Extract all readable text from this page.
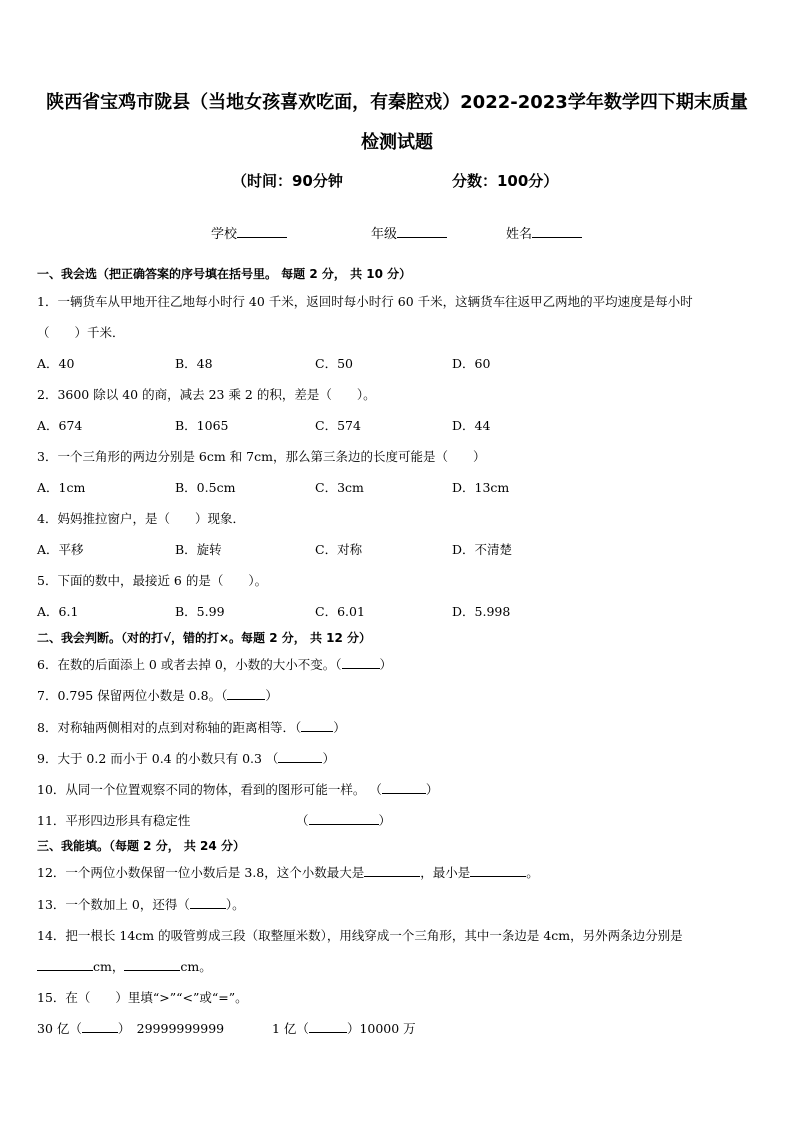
陕西省宝鸡市陇县（当地女孩喜欢吃面，有秦腔戏）2022-2023学年数学四下期末质量
检测试题
（时间：90分钟	分数：100分）
学校	年级	姓名
一、我会选（把正确答案的序号填在括号里。 每题 2 分， 共 10 分）
1．一辆货车从甲地开往乙地每小时行 40 千米，返回时每小时行 60 千米，这辆货车往返甲乙两地的平均速度是每小时
（　　）千米．
A．40	B．48	C．50	D．60
2．3600 除以 40 的商，减去 23 乘 2 的积，差是（　　）。
A．674	B．1065	C．574	D．44
3．一个三角形的两边分别是 6cm 和 7cm，那么第三条边的长度可能是（　　）
A．1cm	B．0.5cm	C．3cm	D．13cm
4．妈妈推拉窗户，是（　　）现象．
A．平移	B．旋转	C．对称	D．不清楚
5．下面的数中，最接近 6 的是（　　）。
A．6.1	B．5.99	C．6.01	D．5.998
二、我会判断。（对的打√，错的打×。每题 2 分， 共 12 分）
6．在数的后面添上 0 或者去掉 0，小数的大小不变。（	）
7．0.795 保留两位小数是 0.8。（	）
8．对称轴两侧相对的点到对称轴的距离相等．（	）
9．大于 0.2 而小于 0.4 的小数只有 0.3 （	）
10．从同一个位置观察不同的物体，看到的图形可能一样。 （	）
11．平形四边形具有稳定性	（	）
三、我能填。（每题 2 分， 共 24 分）
12．一个两位小数保留一位小数后是 3.8，这个小数最大是	，最小是	。
13．一个数加上 0，还得（	）。
14．把一根长 14cm 的吸管剪成三段（取整厘米数），用线穿成一个三角形，其中一条边是 4cm，另外两条边分别是
cm，	cm。
15．在（　　）里填“>”“<”或“=”。
30 亿（	）　29999999999	1 亿（	）10000 万
